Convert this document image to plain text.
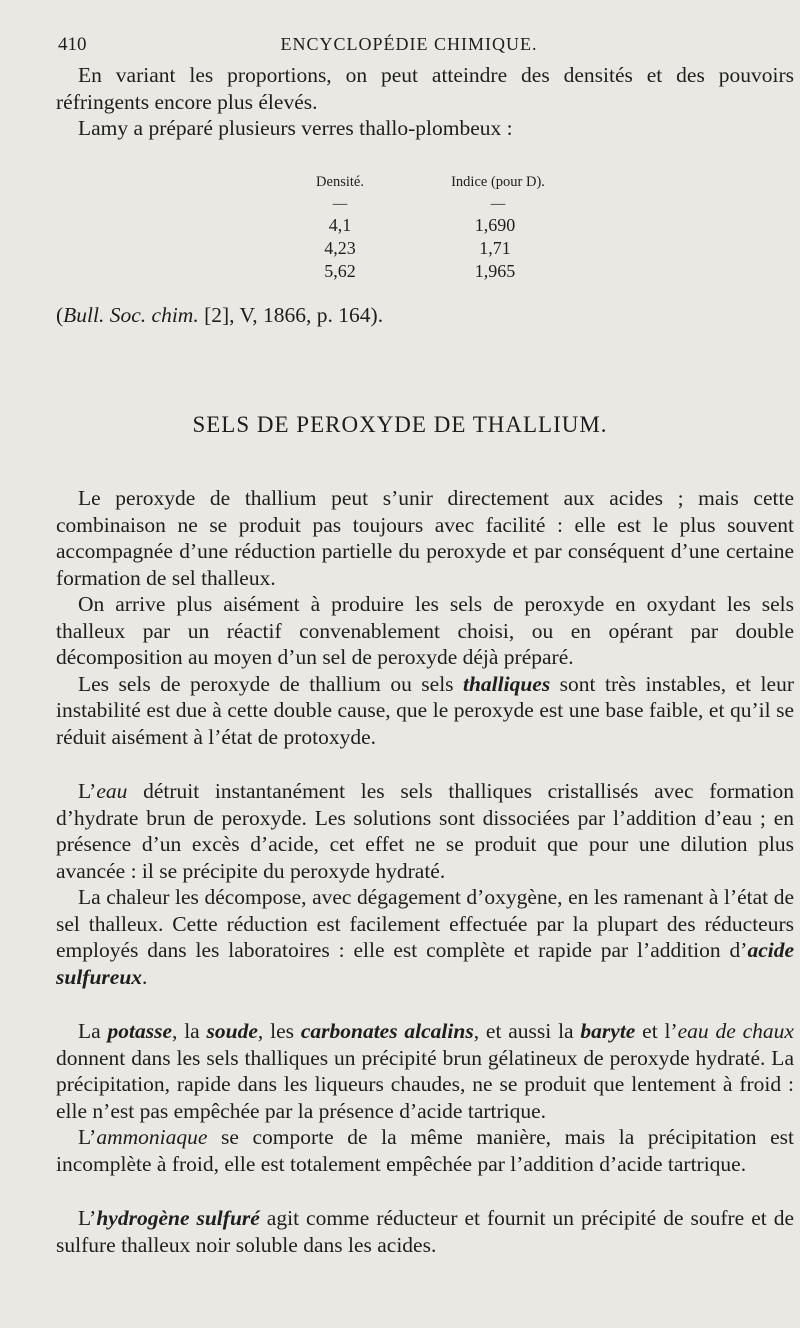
410	ENCYCLOPÉDIE CHIMIQUE.

En variant les proportions, on peut atteindre des densités et des pouvoirs réfringents encore plus élevés.

Lamy a préparé plusieurs verres thallo-plombeux :

Densité.	Indice (pour D).
—	—
4,1	1,690
4,23	1,71
5,62	1,965
(Bull. Soc. chim. [2], V, 1866, p. 164).
SELS DE PEROXYDE DE THALLIUM.

Le peroxyde de thallium peut s’unir directement aux acides ; mais cette combinaison ne se produit pas toujours avec facilité : elle est le plus souvent accompagnée d’une réduction partielle du peroxyde et par conséquent d’une certaine formation de sel thalleux.

On arrive plus aisément à produire les sels de peroxyde en oxydant les sels thalleux par un réactif convenablement choisi, ou en opérant par double décomposition au moyen d’un sel de peroxyde déjà préparé.

Les sels de peroxyde de thallium ou sels thalliques sont très instables, et leur instabilité est due à cette double cause, que le peroxyde est une base faible, et qu’il se réduit aisément à l’état de protoxyde.

L’eau détruit instantanément les sels thalliques cristallisés avec formation d’hydrate brun de peroxyde. Les solutions sont dissociées par l’addition d’eau ; en présence d’un excès d’acide, cet effet ne se produit que pour une dilution plus avancée : il se précipite du peroxyde hydraté.

La chaleur les décompose, avec dégagement d’oxygène, en les ramenant à l’état de sel thalleux. Cette réduction est facilement effectuée par la plupart des réducteurs employés dans les laboratoires : elle est complète et rapide par l’addition d’acide sulfureux.

La potasse, la soude, les carbonates alcalins, et aussi la baryte et l’eau de chaux donnent dans les sels thalliques un précipité brun gélatineux de peroxyde hydraté. La précipitation, rapide dans les liqueurs chaudes, ne se produit que lentement à froid : elle n’est pas empêchée par la présence d’acide tartrique.

L’ammoniaque se comporte de la même manière, mais la précipitation est incomplète à froid, elle est totalement empêchée par l’addition d’acide tartrique.

L’hydrogène sulfuré agit comme réducteur et fournit un précipité de soufre et de sulfure thalleux noir soluble dans les acides.
